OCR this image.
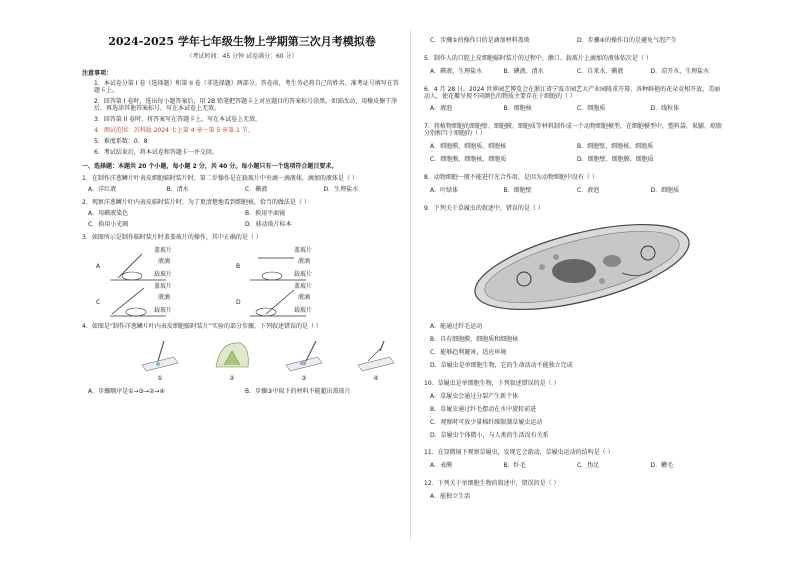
2024-2025 学年七年级生物上学期第三次月考模拟卷
（考试时间：45 分钟 试卷满分：60 分）
注意事项：
1．本试卷分第 I 卷（选择题）和第 II 卷（非选择题）两部分。答卷前，考生务必将自己的姓名、准考证号填写在答题卡上。
2．回答第 I 卷时，选出每小题答案后，用 2B 铅笔把答题卡上对应题目的答案标号涂黑。如需改动，用橡皮擦干净后，再选涂其他答案标号。写在本试卷上无效。
3．回答第 II 卷时，将答案写在答题卡上。写在本试卷上无效。
4．测试范围：苏科版 2024 七上第 4 章～第 5 章第 1 节。
5．难度系数：0．8
6．考试结束后，将本试卷和答题卡一并交回。
一、选择题：本题共 20 个小题，每小题 2 分，共 40 分。每小题只有一个选项符合题目要求。
1．在制作洋葱鳞片叶表皮细胞临时装片时，第二步操作是在载玻片中央滴一滴液体，滴加的液体是（ ）
A．洋红液	B．清水	C．碘液	D．生理盐水
2．观察洋葱鳞片叶内表皮临时装片时，为了更清楚地看到细胞核，恰当的做法是（ ）
A．用碘液染色	B．换用平面镜
C．换用小光圈	D．移动玻片标本
3．如图所示是制作临时装片时盖盖玻片的操作，其中正确的是（ ）
A
盖玻片
液滴
载玻片
B
盖玻片
液滴
载玻片
C
盖玻片
液滴
载玻片
D
盖玻片
液滴
载玻片
4．如图是“制作洋葱鳞片叶内表皮细胞临时装片”实验的部分步骤，下列叙述错误的是（ ）
①	②	③	④
A．步骤顺序是①→③→②→④	B．步骤③中取下的材料不能超出盖玻片
C．步骤①的操作目的是滴加材料盖玻	D．步骤④的操作目的是避免气泡产生
5．制作人的口腔上皮细胞临时装片的过程中，漱口、载玻片上滴加的液体依次是（ ）
A．碘液、生理盐水	B．碘液、清水	C．自来水、碘液	D．凉开水、生理盐水
6．4 月 28 日，2024 世界园艺博览会在浙江省宁波市园艺大产业园隆重开幕，各种鲜艳的花朵竞相开放，美丽动人。使花瓣呈现不同颜色的物质主要存在于细胞的（ ）
A．液泡	B．细胞核	C．细胞质	D．线粒体
7．将植物细胞的细胞壁、细胞膜、细胞质等材料制作成一个动物细胞模型，在细胞模型中，塑料袋、果脯、琼脂分别相当于细胞的（ ）
A．细胞膜、细胞质、细胞核	B．细胞壁、细胞核、细胞质
C．细胞膜、细胞核、细胞质	D．细胞壁、细胞膜、细胞质
8．动物细胞一般不能进行光合作用，是因为动物细胞中没有（ ）
A．叶绿体	B．细胞壁	C．液泡	D．细胞质
9．下列关于草履虫的叙述中，错误的是（ ）
A．能通过纤毛运动
B．具有细胞膜、细胞质和细胞核
C．能够趋利避害，适应环境
D．草履虫是单细胞生物，它的生命活动不能独立完成
10．草履虫是单细胞生物，下列叙述错误的是（ ）
A．草履虫会通过分裂产生新个体
B．草履虫通过纤毛摆动在水中旋转前进
C．观察时可放少量棉纤维限制草履虫运动
D．草履虫个体微小，与人类的生活没有关系
11．在显微镜下观察草履虫，发现它会游动，草履虫运动的结构是（ ）
A．表膜	B．纤毛	C．伪足	D．鞭毛
12．下列关于单细胞生物的叙述中，错误的是（ ）
A．能独立生活
